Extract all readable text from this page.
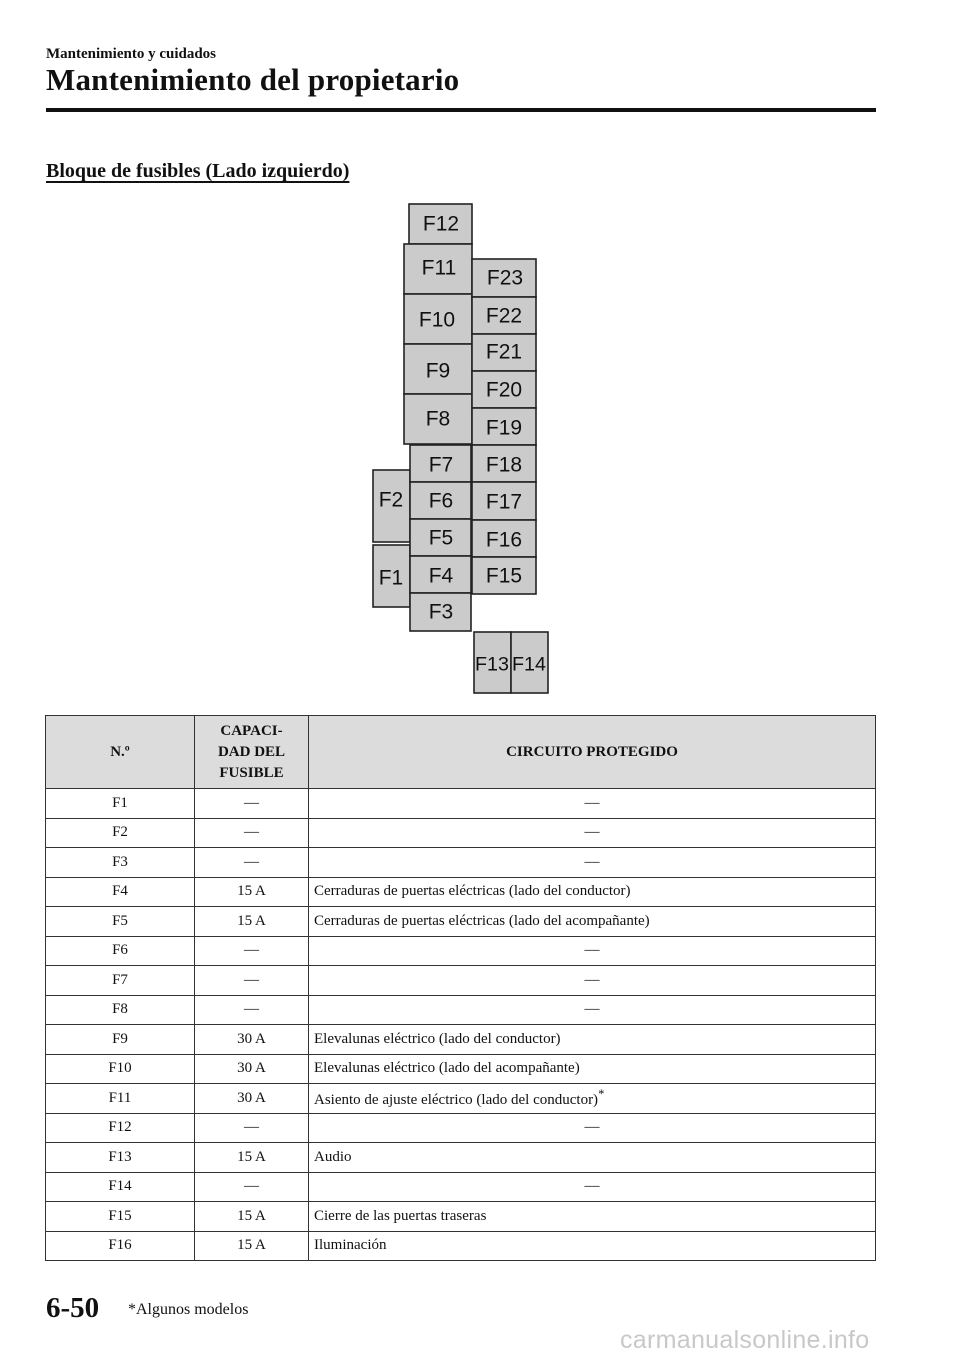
Mantenimiento y cuidados
Mantenimiento del propietario
Bloque de fusibles (Lado izquierdo)
F2
F1
F7
F6
F5
F4
F3
F12
F11
F10
F9
F8
F23
F22
F21
F20
F19
F18
F17
F16
F15
F13 F14
N.º	CAPACI-
DAD DEL
FUSIBLE	CIRCUITO PROTEGIDO
F1	—	—
F2	—	—
F3	—	—
F4	15 A	Cerraduras de puertas eléctricas (lado del conductor)
F5	15 A	Cerraduras de puertas eléctricas (lado del acompañante)
F6	—	—
F7	—	—
F8	—	—
F9	30 A	Elevalunas eléctrico (lado del conductor)
F10	30 A	Elevalunas eléctrico (lado del acompañante)
F11	30 A	Asiento de ajuste eléctrico (lado del conductor)*
F12	—	—
F13	15 A	Audio
F14	—	—
F15	15 A	Cierre de las puertas traseras
F16	15 A	Iluminación
6-50 *Algunos modelos
carmanualsonline.info
